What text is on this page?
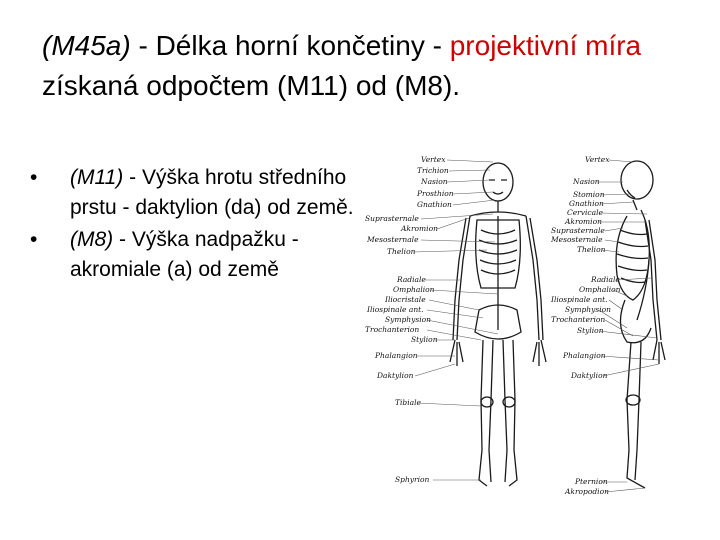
(M45a) - Délka horní končetiny - projektivní míra získaná odpočtem (M11) od (M8).
• (M11) - Výška hrotu středního prstu - daktylion (da) od země.
• (M8) - Výška nadpažku - akromiale (a) od země
Vertex
Trichion
Nasion
Prosthion
Gnathion
Suprasternale
Akromion
Mesosternale
Thelion
Radiale
Omphalion
Iliocristale
Iliospinale ant.
Symphysion
Trochanterion
Stylion
Phalangion
Daktylion
Tibiale
Sphyrion
Vertex
Nasion
Stomion
Gnathion
Cervicale
Akromion
Suprasternale
Mesosternale
Thelion
Radiale
Omphalion
Iliospinale ant.
Symphysion
Trochanterion
Stylion
Phalangion
Daktylion
Pternion
Akropodion
